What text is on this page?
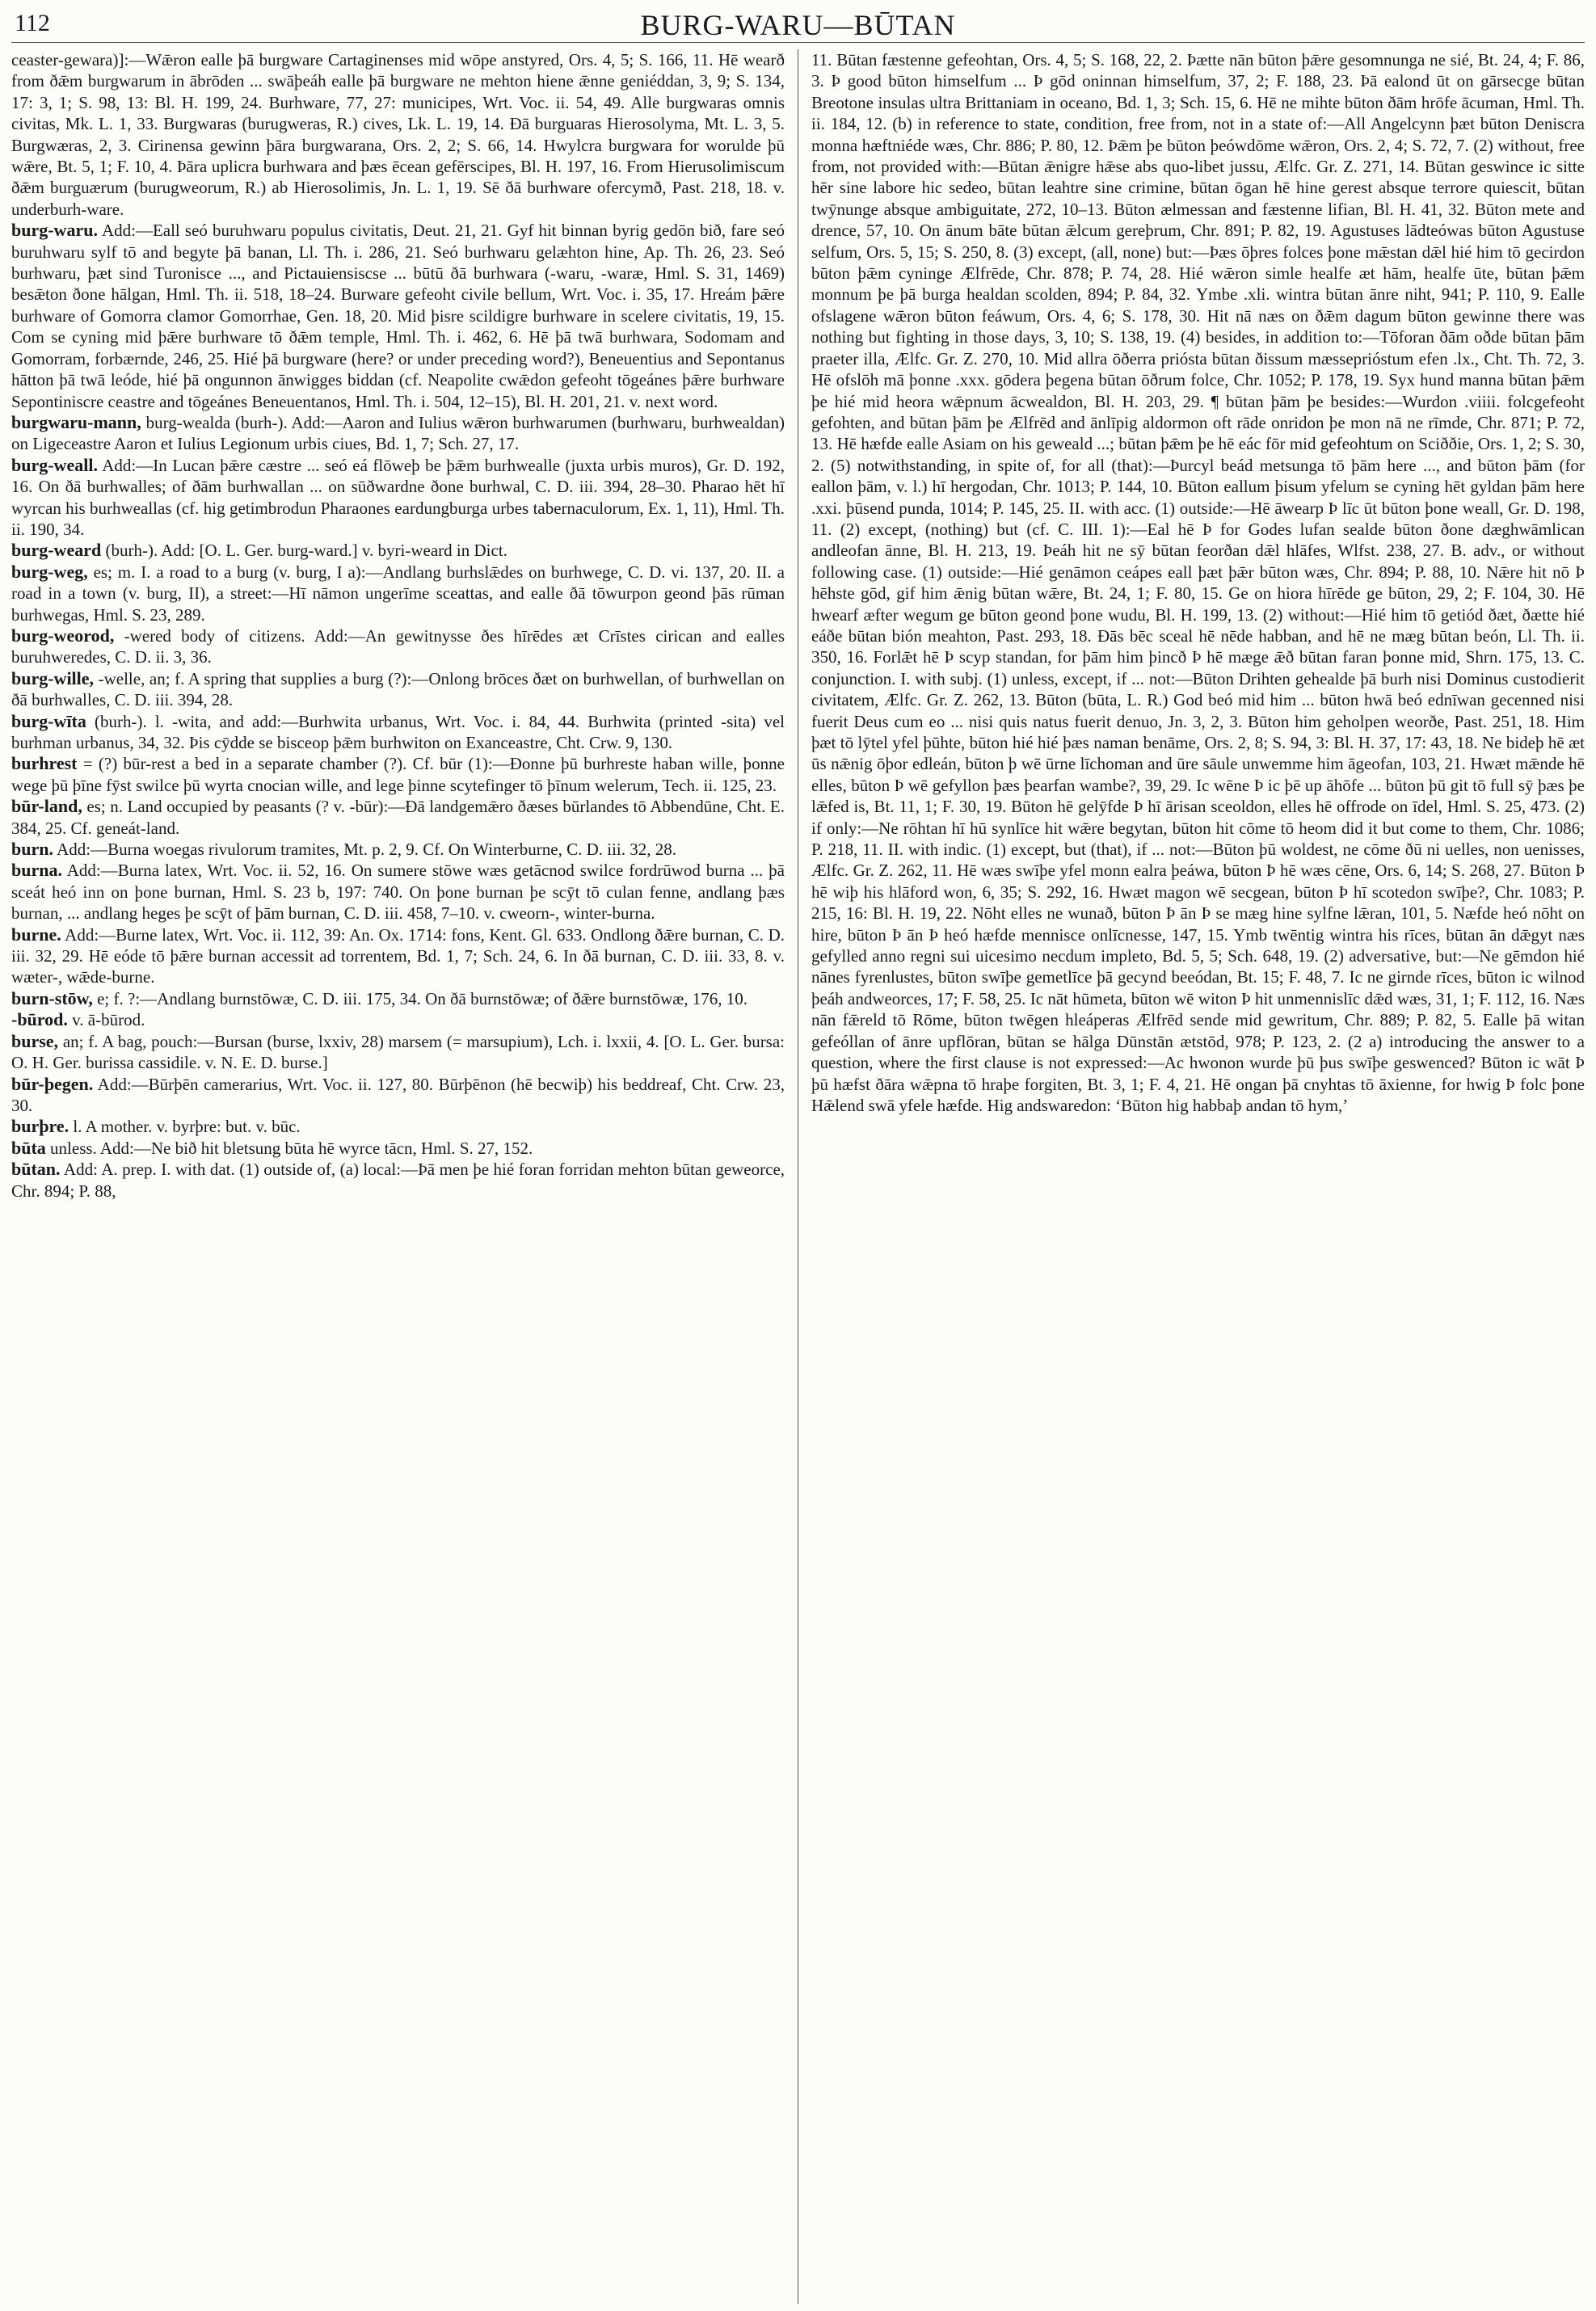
112	BURG-WARU—BŪTAN

ceaster-gewara)]:—Wǣron ealle þā burgware Cartaginenses mid wōpe anstyred, Ors. 4, 5; S. 166, 11. Hē wearð from ðǣm burgwarum in ābrōden ... swāþeáh ealle þā burgware ne mehton hiene ǣnne geniéddan, 3, 9; S. 134, 17: 3, 1; S. 98, 13: Bl. H. 199, 24. Burhware, 77, 27: municipes, Wrt. Voc. ii. 54, 49. Alle burgwaras omnis civitas, Mk. L. 1, 33. Burgwaras (burugweras, R.) cives, Lk. L. 19, 14. Ðā burguaras Hierosolyma, Mt. L. 3, 5. Burgwæras, 2, 3. Cirinensa gewinn þāra burgwarana, Ors. 2, 2; S. 66, 14. Hwylcra burgwara for worulde þū wǣre, Bt. 5, 1; F. 10, 4. Þāra uplicra burhwara and þæs ēcean gefērscipes, Bl. H. 197, 16. From Hierusolimiscum ðǣm burguærum (burugweorum, R.) ab Hierosolimis, Jn. L. 1, 19. Sē ðā burhware ofercymð, Past. 218, 18. v. underburh-ware.

burg-waru. Add:—Eall seó buruhwaru populus civitatis, Deut. 21, 21. Gyf hit binnan byrig gedōn bið, fare seó buruhwaru sylf tō and begyte þā banan, Ll. Th. i. 286, 21. Seó burhwaru gelæhton hine, Ap. Th. 26, 23. Seó burhwaru, þæt sind Turonisce ..., and Pictauiensiscse ... būtū ðā burhwara (-waru, -waræ, Hml. S. 31, 1469) besǣton ðone hālgan, Hml. Th. ii. 518, 18–24. Burware gefeoht civile bellum, Wrt. Voc. i. 35, 17. Hreám þǣre burhware of Gomorra clamor Gomorrhae, Gen. 18, 20. Mid þisre scildigre burhware in scelere civitatis, 19, 15. Com se cyning mid þǣre burhware tō ðǣm temple, Hml. Th. i. 462, 6. Hē þā twā burhwara, Sodomam and Gomorram, forbærnde, 246, 25. Hié þā burgware (here? or under preceding word?), Beneuentius and Sepontanus hātton þā twā leóde, hié þā ongunnon ānwigges biddan (cf. Neapolite cwǣdon gefeoht tōgeánes þǣre burhware Sepontiniscre ceastre and tōgeánes Beneuentanos, Hml. Th. i. 504, 12–15), Bl. H. 201, 21. v. next word.

burgwaru-mann, burg-wealda (burh-). Add:—Aaron and Iulius wǣron burhwarumen (burhwaru, burhwealdan) on Ligeceastre Aaron et Iulius Legionum urbis ciues, Bd. 1, 7; Sch. 27, 17.

burg-weall. Add:—In Lucan þǣre cæstre ... seó eá flōweþ be þǣm burhwealle (juxta urbis muros), Gr. D. 192, 16. On ðā burhwalles; of ðām burhwallan ... on sūðwardne ðone burhwal, C. D. iii. 394, 28–30. Pharao hēt hī wyrcan his burhweallas (cf. hig getimbrodun Pharaones eardungburga urbes tabernaculorum, Ex. 1, 11), Hml. Th. ii. 190, 34.

burg-weard (burh-). Add: [O. L. Ger. burg-ward.] v. byri-weard in Dict.

burg-weg, es; m. I. a road to a burg (v. burg, I a):—Andlang burhslǣdes on burhwege, C. D. vi. 137, 20. II. a road in a town (v. burg, II), a street:—Hī nāmon ungerīme sceattas, and ealle ðā tōwurpon geond þās rūman burhwegas, Hml. S. 23, 289.

burg-weorod, -wered body of citizens. Add:—An gewitnysse ðes hīrēdes æt Crīstes cirican and ealles buruhweredes, C. D. ii. 3, 36.

burg-wille, -welle, an; f. A spring that supplies a burg (?):—Onlong brōces ðæt on burhwellan, of burhwellan on ðā burhwalles, C. D. iii. 394, 28.

burg-wīta (burh-). l. -wita, and add:—Burhwita urbanus, Wrt. Voc. i. 84, 44. Burhwita (printed -sita) vel burhman urbanus, 34, 32. Þis cȳdde se bisceop þǣm burhwiton on Exanceastre, Cht. Crw. 9, 130.

burhrest = (?) būr-rest a bed in a separate chamber (?). Cf. būr (1):—Ðonne þū burhreste haban wille, þonne wege þū þīne fȳst swilce þū wyrta cnocian wille, and lege þinne scytefinger tō þīnum welerum, Tech. ii. 125, 23.

būr-land, es; n. Land occupied by peasants (? v. -būr):—Ðā landgemǣro ðæses būrlandes tō Abbendūne, Cht. E. 384, 25. Cf. geneát-land.

burn. Add:—Burna woegas rivulorum tramites, Mt. p. 2, 9. Cf. On Winterburne, C. D. iii. 32, 28.

burna. Add:—Burna latex, Wrt. Voc. ii. 52, 16. On sumere stōwe wæs getācnod swilce fordrūwod burna ... þā sceát heó inn on þone burnan, Hml. S. 23 b, 197: 740. On þone burnan þe scȳt tō culan fenne, andlang þæs burnan, ... andlang heges þe scȳt of þām burnan, C. D. iii. 458, 7–10. v. cweorn-, winter-burna.

burne. Add:—Burne latex, Wrt. Voc. ii. 112, 39: An. Ox. 1714: fons, Kent. Gl. 633. Ondlong ðǣre burnan, C. D. iii. 32, 29. Hē eóde tō þǣre burnan accessit ad torrentem, Bd. 1, 7; Sch. 24, 6. In ðā burnan, C. D. iii. 33, 8. v. wæter-, wǣde-burne.

burn-stōw, e; f. ?:—Andlang burnstōwæ, C. D. iii. 175, 34. On ðā burnstōwæ; of ðǣre burnstōwæ, 176, 10.

-būrod. v. ā-būrod.

burse, an; f. A bag, pouch:—Bursan (burse, lxxiv, 28) marsem (= marsupium), Lch. i. lxxii, 4. [O. L. Ger. bursa: O. H. Ger. burissa cassidile. v. N. E. D. burse.]

būr-þegen. Add:—Būrþēn camerarius, Wrt. Voc. ii. 127, 80. Būrþēnon (hē becwiþ) his beddreaf, Cht. Crw. 23, 30.

burþre. l. A mother. v. byrþre: but. v. būc.

būta unless. Add:—Ne bið hit bletsung būta hē wyrce tācn, Hml. S. 27, 152.

būtan. Add: A. prep. I. with dat. (1) outside of, (a) local:—Þā men þe hié foran forridan mehton būtan geweorce, Chr. 894; P. 88,

11. Būtan fæstenne gefeohtan, Ors. 4, 5; S. 168, 22, 2. Þætte nān būton þǣre gesomnunga ne sié, Bt. 24, 4; F. 86, 3. Þ good būton himselfum ... Þ gōd oninnan himselfum, 37, 2; F. 188, 23. Þā ealond ūt on gārsecge būtan Breotone insulas ultra Brittaniam in oceano, Bd. 1, 3; Sch. 15, 6. Hē ne mihte būton ðām hrōfe ācuman, Hml. Th. ii. 184, 12. (b) in reference to state, condition, free from, not in a state of:—All Angelcynn þæt būton Deniscra monna hæftniéde wæs, Chr. 886; P. 80, 12. Þǣm þe būton þeówdōme wǣron, Ors. 2, 4; S. 72, 7. (2) without, free from, not provided with:—Būtan ǣnigre hǣse abs quo-libet jussu, Ælfc. Gr. Z. 271, 14. Būtan geswince ic sitte hēr sine labore hic sedeo, būtan leahtre sine crimine, būtan ōgan hē hine gerest absque terrore quiescit, būtan twȳnunge absque ambiguitate, 272, 10–13. Būton ælmessan and fæstenne lifian, Bl. H. 41, 32. Būton mete and drence, 57, 10. On ānum bāte būtan ǣlcum gereþrum, Chr. 891; P. 82, 19. Agustuses lādteówas būton Agustuse selfum, Ors. 5, 15; S. 250, 8. (3) except, (all, none) but:—Þæs ōþres folces þone mǣstan dǣl hié him tō gecirdon būton þǣm cyninge Ælfrēde, Chr. 878; P. 74, 28. Hié wǣron simle healfe æt hām, healfe ūte, būtan þǣm monnum þe þā burga healdan scolden, 894; P. 84, 32. Ymbe .xli. wintra būtan ānre niht, 941; P. 110, 9. Ealle ofslagene wǣron būton feáwum, Ors. 4, 6; S. 178, 30. Hit nā næs on ðǣm dagum būton gewinne there was nothing but fighting in those days, 3, 10; S. 138, 19. (4) besides, in addition to:—Tōforan ðām oðde būtan þām praeter illa, Ælfc. Gr. Z. 270, 10. Mid allra ōðerra priósta būtan ðissum mæsseprióstum efen .lx., Cht. Th. 72, 3. Hē ofslōh mā þonne .xxx. gōdera þegena būtan ōðrum folce, Chr. 1052; P. 178, 19. Syx hund manna būtan þǣm þe hié mid heora wǣpnum ācwealdon, Bl. H. 203, 29. ¶ būtan þām þe besides:—Wurdon .viiii. folcgefeoht gefohten, and būtan þām þe Ælfrēd and ānlīpig aldormon oft rāde onridon þe mon nā ne rīmde, Chr. 871; P. 72, 13. Hē hæfde ealle Asiam on his geweald ...; būtan þǣm þe hē eác fōr mid gefeohtum on Sciððie, Ors. 1, 2; S. 30, 2. (5) notwithstanding, in spite of, for all (that):—Þurcyl beád metsunga tō þām here ..., and būton þām (for eallon þām, v. l.) hī hergodan, Chr. 1013; P. 144, 10. Būton eallum þisum yfelum se cyning hēt gyldan þām here .xxi. þūsend punda, 1014; P. 145, 25. II. with acc. (1) outside:—Hē āwearp Þ līc ūt būton þone weall, Gr. D. 198, 11. (2) except, (nothing) but (cf. C. III. 1):—Eal hē Þ for Godes lufan sealde būton ðone dæghwāmlican andleofan ānne, Bl. H. 213, 19. Þeáh hit ne sȳ būtan feorðan dǣl hlāfes, Wlfst. 238, 27. B. adv., or without following case. (1) outside:—Hié genāmon ceápes eall þæt þǣr būton wæs, Chr. 894; P. 88, 10. Nǣre hit nō Þ hēhste gōd, gif him ǣnig būtan wǣre, Bt. 24, 1; F. 80, 15. Ge on hiora hīrēde ge būton, 29, 2; F. 104, 30. Hē hwearf æfter wegum ge būton geond þone wudu, Bl. H. 199, 13. (2) without:—Hié him tō getiód ðæt, ðætte hié eáðe būtan bión meahton, Past. 293, 18. Ðās bēc sceal hē nēde habban, and hē ne mæg būtan beón, Ll. Th. ii. 350, 16. Forlǣt hē Þ scyp standan, for þām him þincð Þ hē mæge ǣð būtan faran þonne mid, Shrn. 175, 13. C. conjunction. I. with subj. (1) unless, except, if ... not:—Būton Drihten gehealde þā burh nisi Dominus custodierit civitatem, Ælfc. Gr. Z. 262, 13. Būton (būta, L. R.) God beó mid him ... būton hwā beó ednīwan gecenned nisi fuerit Deus cum eo ... nisi quis natus fuerit denuo, Jn. 3, 2, 3. Būton him geholpen weorðe, Past. 251, 18. Him þæt tō lȳtel yfel þūhte, būton hié hié þæs naman benāme, Ors. 2, 8; S. 94, 3: Bl. H. 37, 17: 43, 18. Ne bideþ hē æt ūs nǣnig ōþor edleán, būton þ wē ūrne līchoman and ūre sāule unwemme him āgeofan, 103, 21. Hwæt mǣnde hē elles, būton Þ wē gefyllon þæs þearfan wambe?, 39, 29. Ic wēne Þ ic þē up āhōfe ... būton þū git tō full sȳ þæs þe lǣfed is, Bt. 11, 1; F. 30, 19. Būton hē gelȳfde Þ hī ārisan sceoldon, elles hē offrode on īdel, Hml. S. 25, 473. (2) if only:—Ne rōhtan hī hū synlīce hit wǣre begytan, būton hit cōme tō heom did it but come to them, Chr. 1086; P. 218, 11. II. with indic. (1) except, but (that), if ... not:—Būton þū woldest, ne cōme ðū ni uelles, non uenisses, Ælfc. Gr. Z. 262, 11. Hē wæs swīþe yfel monn ealra þeáwa, būton Þ hē wæs cēne, Ors. 6, 14; S. 268, 27. Būton Þ hē wiþ his hlāford won, 6, 35; S. 292, 16. Hwæt magon wē secgean, būton Þ hī scotedon swīþe?, Chr. 1083; P. 215, 16: Bl. H. 19, 22. Nōht elles ne wunað, būton Þ ān Þ se mæg hine sylfne lǣran, 101, 5. Næfde heó nōht on hire, būton Þ ān Þ heó hæfde mennisce onlīcnesse, 147, 15. Ymb twēntig wintra his rīces, būtan ān dǣgyt næs gefylled anno regni sui uicesimo necdum impleto, Bd. 5, 5; Sch. 648, 19. (2) adversative, but:—Ne gēmdon hié nānes fyrenlustes, būton swīþe gemetlīce þā gecynd beeódan, Bt. 15; F. 48, 7. Ic ne girnde rīces, būton ic wilnod þeáh andweorces, 17; F. 58, 25. Ic nāt hūmeta, būton wē witon Þ hit unmennislīc dǣd wæs, 31, 1; F. 112, 16. Næs nān fǣreld tō Rōme, būton twēgen hleáperas Ælfrēd sende mid gewritum, Chr. 889; P. 82, 5. Ealle þā witan gefeóllan of ānre upflōran, būtan se hālga Dūnstān ætstōd, 978; P. 123, 2. (2 a) introducing the answer to a question, where the first clause is not expressed:—Ac hwonon wurde þū þus swīþe geswenced? Būton ic wāt Þ þū hæfst ðāra wǣpna tō hraþe forgiten, Bt. 3, 1; F. 4, 21. Hē ongan þā cnyhtas tō āxienne, for hwig Þ folc þone Hǣlend swā yfele hæfde. Hig andswaredon: ‘Būton hig habbaþ andan tō hym,’
